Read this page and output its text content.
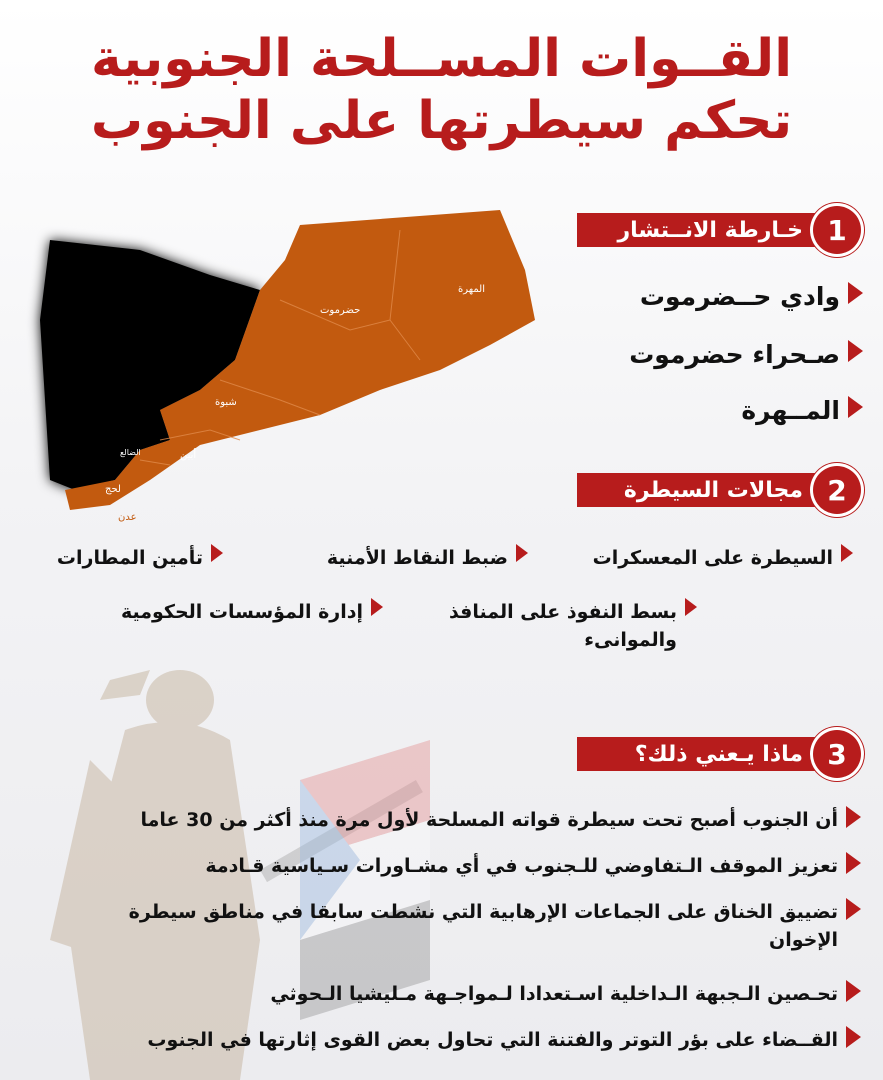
القــوات المســلحة الجنوبية
تحكم سيطرتها على الجنوب
المهرة
حضرموت
شبوة
أبين
الضالع
لحج
عدن
خـارطة الانــتشار 1
وادي حــضرموت
صـحراء حضرموت
المــهرة
مجالات السيطرة 2
السيطرة على المعسكرات
ضبط النقاط الأمنية
تأمين المطارات
بسط النفوذ على المنافذ والموانىء
إدارة المؤسسات الحكومية
ماذا يـعني ذلك؟ 3
أن الجنوب أصبح تحت سيطرة قواته المسلحة لأول مرة منذ أكثر من 30 عاما
تعزيز الموقف الـتفاوضي للـجنوب في أي مشـاورات سـياسية قـادمة
تضييق الخناق على الجماعات الإرهابية التي نشطت سابقا في مناطق سيطرة الإخوان
تحـصين الـجبهة الـداخلية اسـتعدادا لـمواجـهة مـليشيا الـحوثي
القــضاء على بؤر التوتر والفتنة التي تحاول بعض القوى إثارتها في الجنوب
